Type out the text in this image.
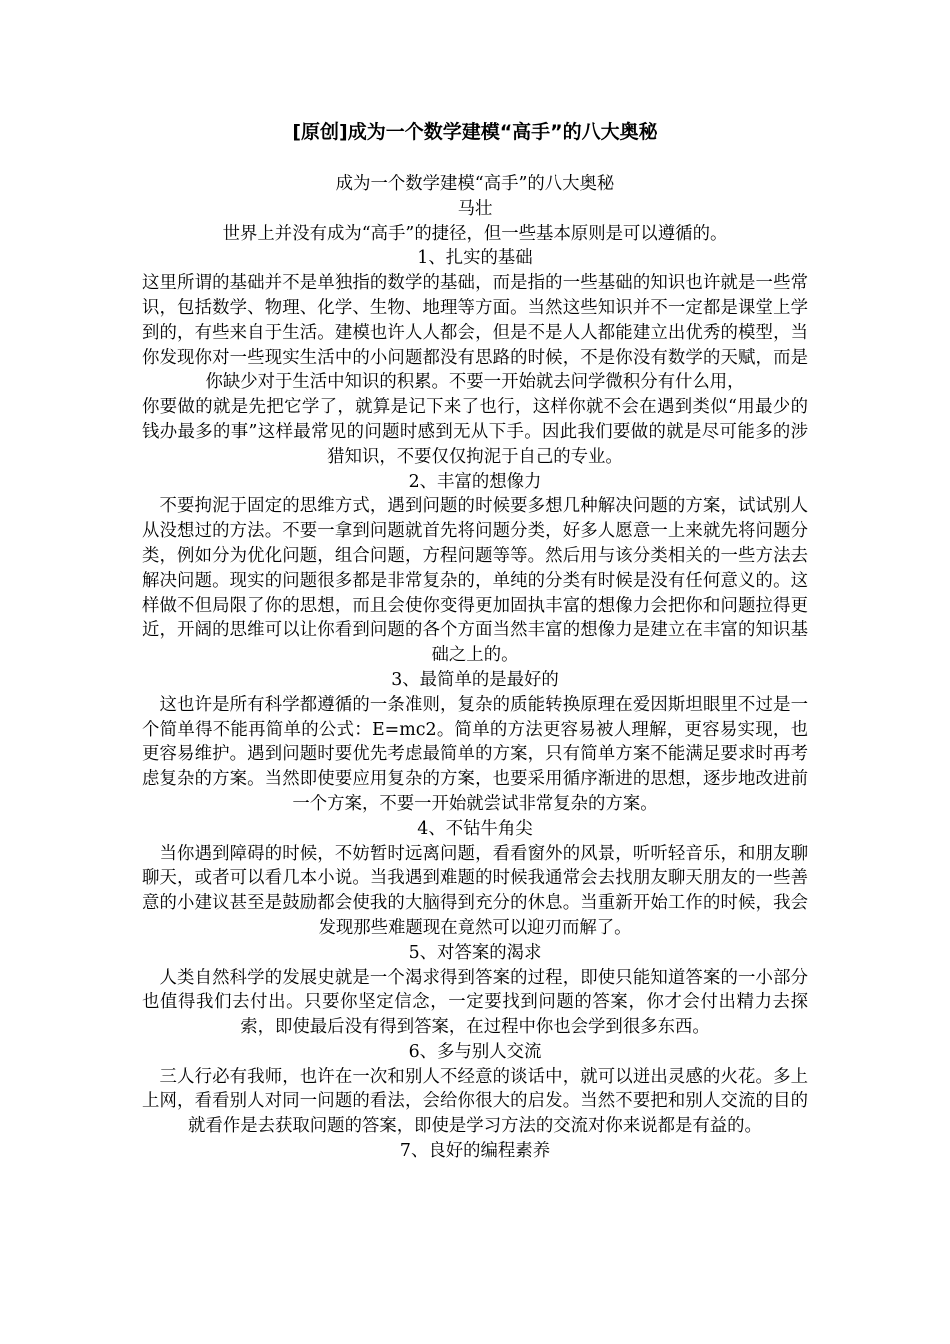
[原创]成为一个数学建模“高手”的八大奥秘

成为一个数学建模“高手”的八大奥秘

马壮

世界上并没有成为“高手”的捷径，但一些基本原则是可以遵循的。

1、扎实的基础

这里所谓的基础并不是单独指的数学的基础，而是指的一些基础的知识也许就是一些常识，包括数学、物理、化学、生物、地理等方面。当然这些知识并不一定都是课堂上学到的，有些来自于生活。建模也许人人都会，但是不是人人都能建立出优秀的模型，当你发现你对一些现实生活中的小问题都没有思路的时候，不是你没有数学的天赋，而是你缺少对于生活中知识的积累。不要一开始就去问学微积分有什么用，

你要做的就是先把它学了，就算是记下来了也行，这样你就不会在遇到类似“用最少的钱办最多的事”这样最常见的问题时感到无从下手。因此我们要做的就是尽可能多的涉猎知识，不要仅仅拘泥于自己的专业。

2、丰富的想像力

　不要拘泥于固定的思维方式，遇到问题的时候要多想几种解决问题的方案，试试别人从没想过的方法。不要一拿到问题就首先将问题分类，好多人愿意一上来就先将问题分类，例如分为优化问题，组合问题，方程问题等等。然后用与该分类相关的一些方法去解决问题。现实的问题很多都是非常复杂的，单纯的分类有时候是没有任何意义的。这样做不但局限了你的思想，而且会使你变得更加固执丰富的想像力会把你和问题拉得更近，开阔的思维可以让你看到问题的各个方面当然丰富的想像力是建立在丰富的知识基础之上的。

3、最简单的是最好的

　这也许是所有科学都遵循的一条准则，复杂的质能转换原理在爱因斯坦眼里不过是一个简单得不能再简单的公式：E=mc2。简单的方法更容易被人理解，更容易实现，也更容易维护。遇到问题时要优先考虑最简单的方案，只有简单方案不能满足要求时再考虑复杂的方案。当然即使要应用复杂的方案，也要采用循序渐进的思想，逐步地改进前一个方案，不要一开始就尝试非常复杂的方案。

4、不钻牛角尖

　当你遇到障碍的时候，不妨暂时远离问题，看看窗外的风景，听听轻音乐，和朋友聊聊天，或者可以看几本小说。当我遇到难题的时候我通常会去找朋友聊天朋友的一些善意的小建议甚至是鼓励都会使我的大脑得到充分的休息。当重新开始工作的时候，我会发现那些难题现在竟然可以迎刃而解了。

5、对答案的渴求

　人类自然科学的发展史就是一个渴求得到答案的过程，即使只能知道答案的一小部分也值得我们去付出。只要你坚定信念，一定要找到问题的答案，你才会付出精力去探索，即使最后没有得到答案，在过程中你也会学到很多东西。

6、多与别人交流

　三人行必有我师，也许在一次和别人不经意的谈话中，就可以迸出灵感的火花。多上上网，看看别人对同一问题的看法，会给你很大的启发。当然不要把和别人交流的目的就看作是去获取问题的答案，即使是学习方法的交流对你来说都是有益的。

7、良好的编程素养
